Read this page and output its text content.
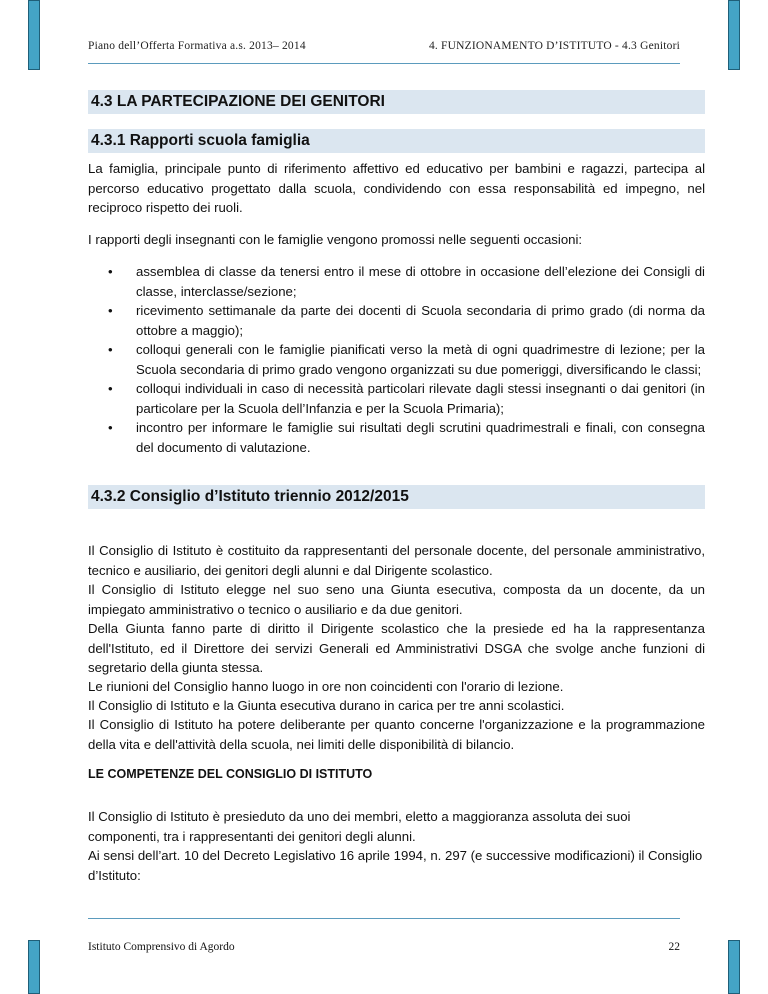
Piano dell’Offerta Formativa a.s. 2013– 2014	4. FUNZIONAMENTO D’ISTITUTO - 4.3 Genitori
4.3 LA PARTECIPAZIONE DEI GENITORI
4.3.1 Rapporti scuola famiglia

La famiglia, principale punto di riferimento affettivo ed educativo per bambini e ragazzi, partecipa al percorso educativo progettato dalla scuola, condividendo con essa responsabilità ed impegno, nel reciproco rispetto dei ruoli.

I rapporti degli insegnanti con le famiglie vengono promossi nelle seguenti occasioni:

• assemblea di classe da tenersi entro il mese di ottobre in occasione dell’elezione dei Consigli di classe, interclasse/sezione;
• ricevimento settimanale da parte dei docenti di Scuola secondaria di primo grado (di norma da ottobre a maggio);
• colloqui generali con le famiglie pianificati verso la metà di ogni quadrimestre di lezione; per la Scuola secondaria di primo grado vengono organizzati su due pomeriggi, diversificando le classi;
• colloqui individuali in caso di necessità particolari rilevate dagli stessi insegnanti o dai genitori (in particolare per la Scuola dell’Infanzia e per la Scuola Primaria);
• incontro per informare le famiglie sui risultati degli scrutini quadrimestrali e finali, con consegna del documento di valutazione.
4.3.2 Consiglio d’Istituto triennio 2012/2015

Il Consiglio di Istituto è costituito da rappresentanti del personale docente, del personale amministrativo, tecnico e ausiliario, dei genitori degli alunni e dal Dirigente scolastico.

Il Consiglio di Istituto elegge nel suo seno una Giunta esecutiva, composta da un docente, da un impiegato amministrativo o tecnico o ausiliario e da due genitori.

Della Giunta fanno parte di diritto il Dirigente scolastico che la presiede ed ha la rappresentanza dell'Istituto, ed il Direttore dei servizi Generali ed Amministrativi DSGA che svolge anche funzioni di segretario della giunta stessa.

Le riunioni del Consiglio hanno luogo in ore non coincidenti con l'orario di lezione.

Il Consiglio di Istituto e la Giunta esecutiva durano in carica per tre anni scolastici.

Il Consiglio di Istituto ha potere deliberante per quanto concerne l'organizzazione e la programmazione della vita e dell'attività della scuola, nei limiti delle disponibilità di bilancio.

LE COMPETENZE DEL CONSIGLIO DI ISTITUTO

Il Consiglio di Istituto è presieduto da uno dei membri, eletto a maggioranza assoluta dei suoi componenti, tra i rappresentanti dei genitori degli alunni.

Ai sensi dell’art. 10 del Decreto Legislativo 16 aprile 1994, n. 297 (e successive modificazioni) il Consiglio d’Istituto:

Istituto Comprensivo di Agordo	22
